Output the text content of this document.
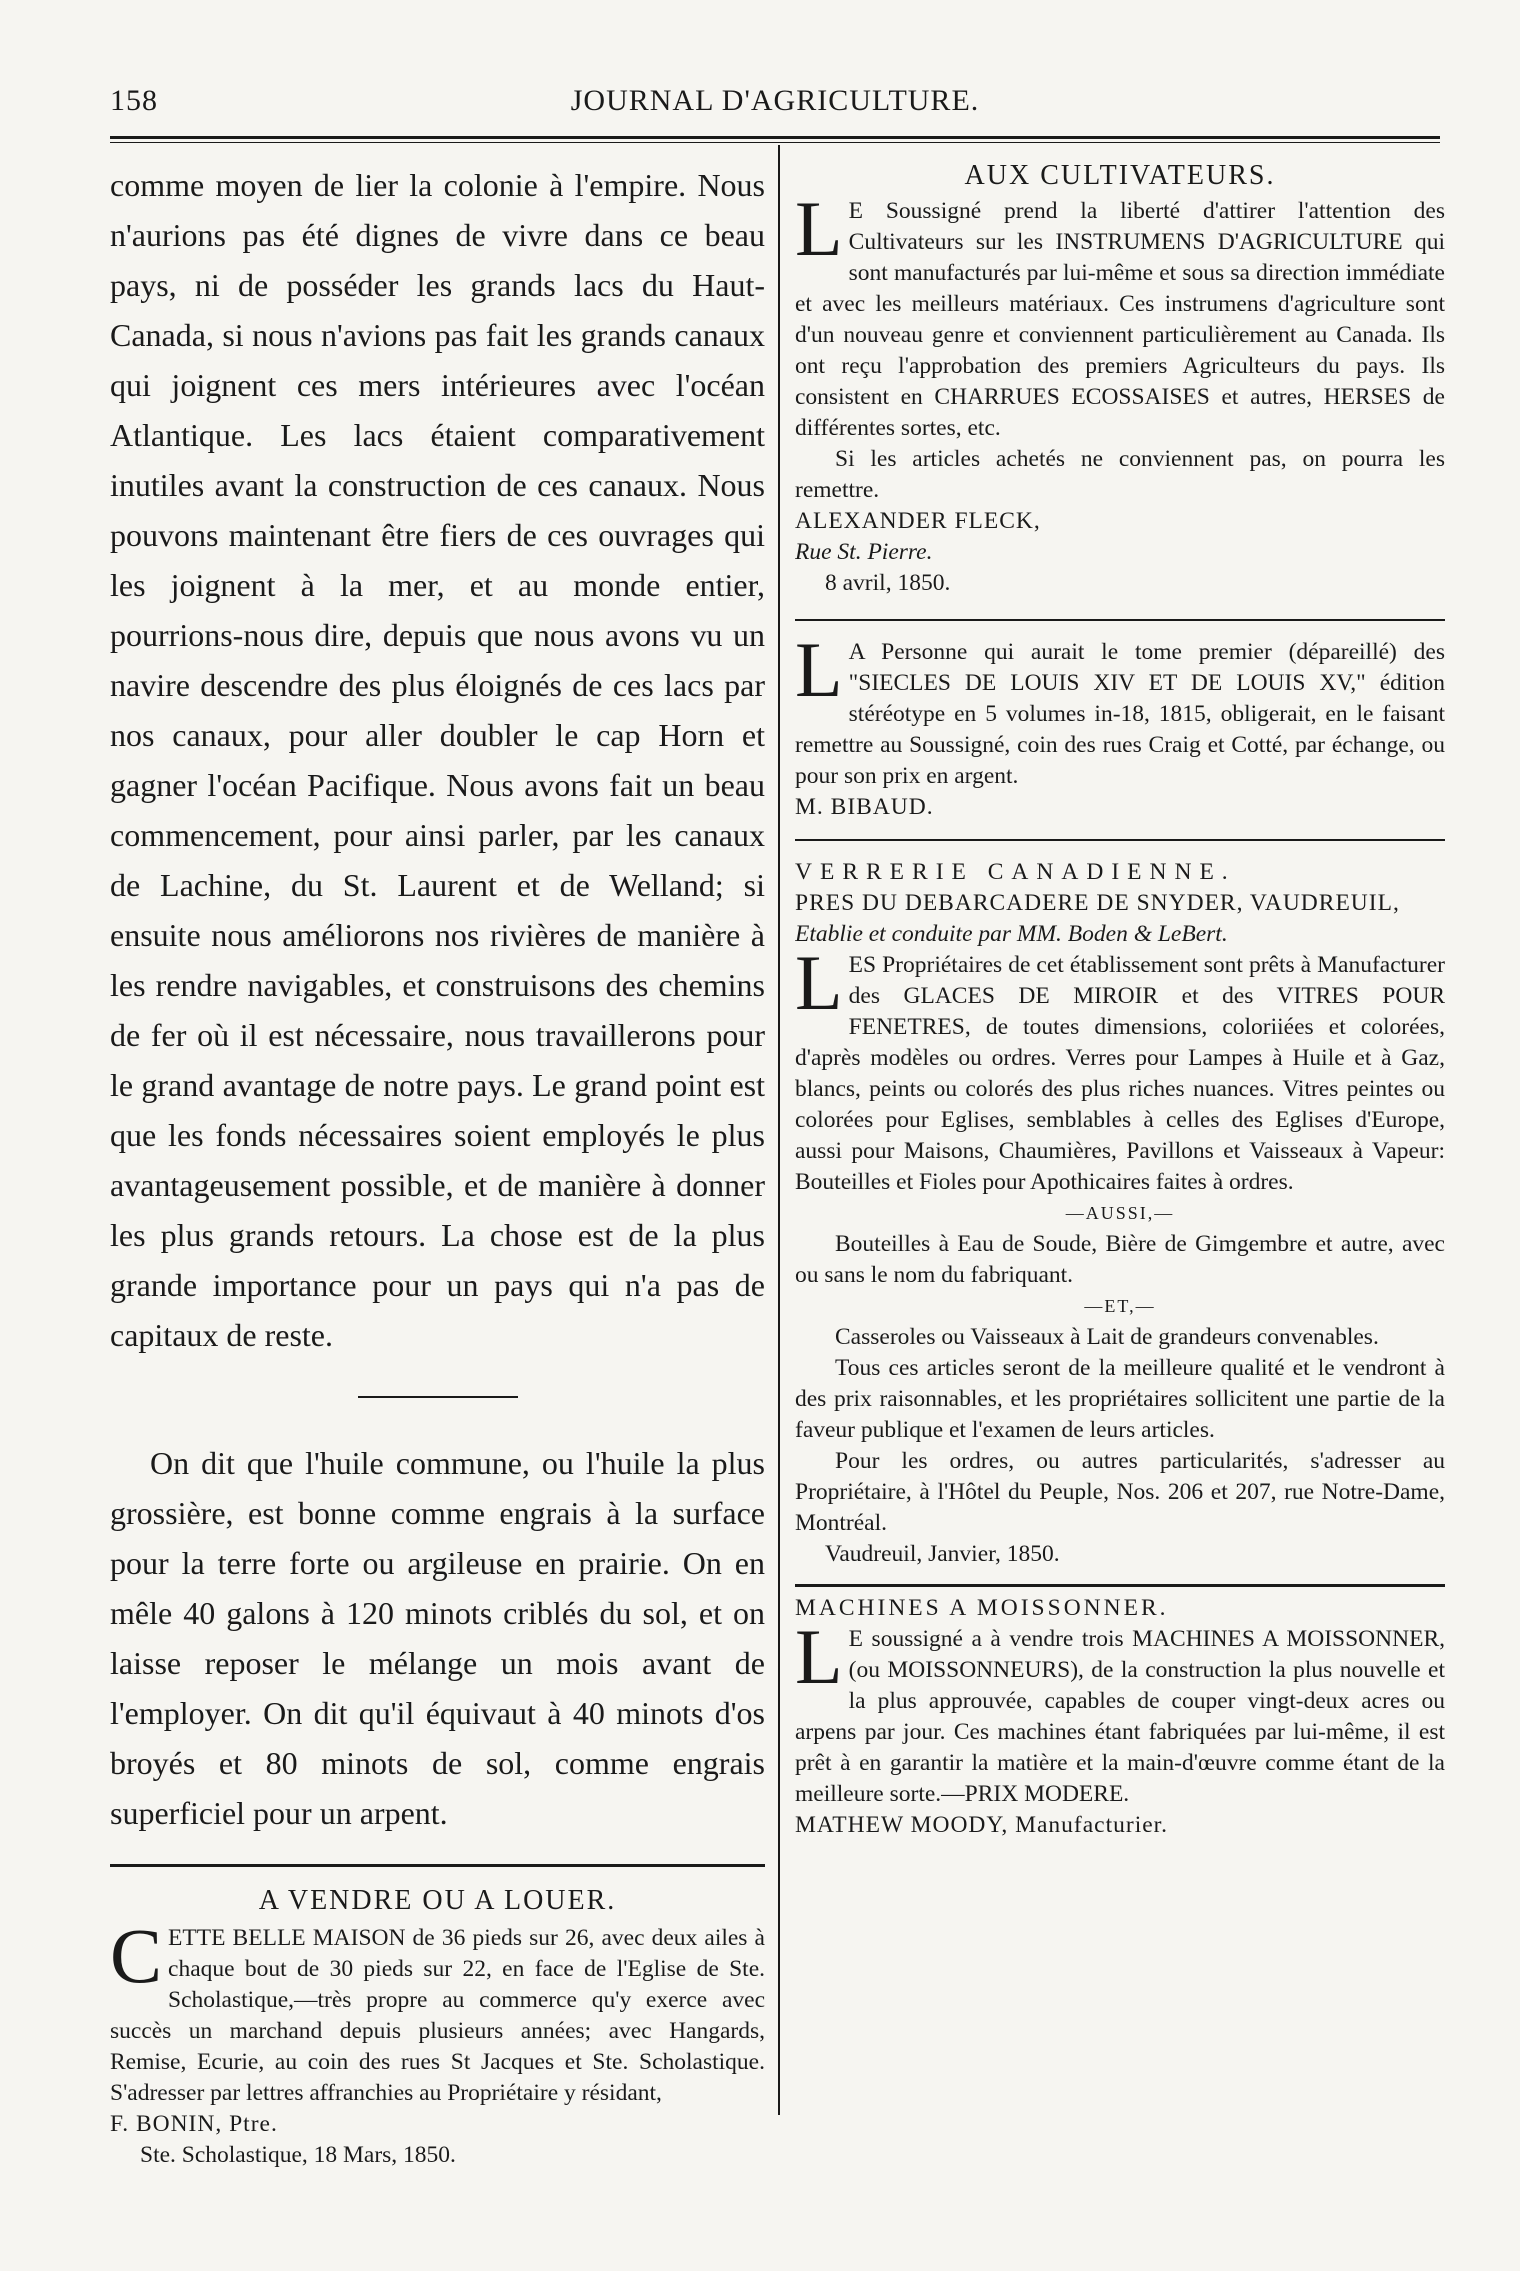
158	JOURNAL D'AGRICULTURE.

comme moyen de lier la colonie à l'empire. Nous n'aurions pas été dignes de vivre dans ce beau pays, ni de posséder les grands lacs du Haut-Canada, si nous n'avions pas fait les grands canaux qui joignent ces mers intérieures avec l'océan Atlantique. Les lacs étaient comparativement inutiles avant la construction de ces canaux. Nous pouvons maintenant être fiers de ces ouvrages qui les joignent à la mer, et au monde entier, pourrions-nous dire, depuis que nous avons vu un navire descendre des plus éloignés de ces lacs par nos canaux, pour aller doubler le cap Horn et gagner l'océan Pacifique. Nous avons fait un beau commencement, pour ainsi parler, par les canaux de Lachine, du St. Laurent et de Welland; si ensuite nous améliorons nos rivières de manière à les rendre navigables, et construisons des chemins de fer où il est nécessaire, nous travaillerons pour le grand avantage de notre pays. Le grand point est que les fonds nécessaires soient employés le plus avantageusement possible, et de manière à donner les plus grands retours. La chose est de la plus grande importance pour un pays qui n'a pas de capitaux de reste.

On dit que l'huile commune, ou l'huile la plus grossière, est bonne comme engrais à la surface pour la terre forte ou argileuse en prairie. On en mêle 40 galons à 120 minots criblés du sol, et on laisse reposer le mélange un mois avant de l'employer. On dit qu'il équivaut à 40 minots d'os broyés et 80 minots de sol, comme engrais superficiel pour un arpent.

A VENDRE OU A LOUER.

CETTE BELLE MAISON de 36 pieds sur 26, avec deux ailes à chaque bout de 30 pieds sur 22, en face de l'Eglise de Ste. Scholastique,—très propre au commerce qu'y exerce avec succès un marchand depuis plusieurs années; avec Hangards, Remise, Ecurie, au coin des rues St Jacques et Ste. Scholastique. S'adresser par lettres affranchies au Propriétaire y résidant,

F. BONIN, Ptre.

Ste. Scholastique, 18 Mars, 1850.

AUX CULTIVATEURS.

L E Soussigné prend la liberté d'attirer l'attention des Cultivateurs sur les INSTRUMENS D'AGRICULTURE qui sont manufacturés par lui-même et sous sa direction immédiate et avec les meilleurs matériaux. Ces instrumens d'agriculture sont d'un nouveau genre et conviennent particulièrement au Canada. Ils ont reçu l'approbation des premiers Agriculteurs du pays. Ils consistent en CHARRUES ECOSSAISES et autres, HERSES de différentes sortes, etc.

Si les articles achetés ne conviennent pas, on pourra les remettre.

ALEXANDER FLECK,

Rue St. Pierre.

8 avril, 1850.

L A Personne qui aurait le tome premier (dépareillé) des "SIECLES DE LOUIS XIV ET DE LOUIS XV," édition stéréotype en 5 volumes in-18, 1815, obligerait, en le faisant remettre au Soussigné, coin des rues Craig et Cotté, par échange, ou pour son prix en argent.

M. BIBAUD.

VERRERIE CANADIENNE.

PRES DU DEBARCADERE DE SNYDER, VAUDREUIL,

Etablie et conduite par MM. Boden & LeBert.

LES Propriétaires de cet établissement sont prêts à Manufacturer des GLACES DE MIROIR et des VITRES POUR FENETRES, de toutes dimensions, coloriiées et colorées, d'après modèles ou ordres. Verres pour Lampes à Huile et à Gaz, blancs, peints ou colorés des plus riches nuances. Vitres peintes ou colorées pour Eglises, semblables à celles des Eglises d'Europe, aussi pour Maisons, Chaumières, Pavillons et Vaisseaux à Vapeur: Bouteilles et Fioles pour Apothicaires faites à ordres.

—AUSSI,—

Bouteilles à Eau de Soude, Bière de Gimgembre et autre, avec ou sans le nom du fabriquant.

—ET,—

Casseroles ou Vaisseaux à Lait de grandeurs convenables.

Tous ces articles seront de la meilleure qualité et le vendront à des prix raisonnables, et les propriétaires sollicitent une partie de la faveur publique et l'examen de leurs articles.

Pour les ordres, ou autres particularités, s'adresser au Propriétaire, à l'Hôtel du Peuple, Nos. 206 et 207, rue Notre-Dame, Montréal.

Vaudreuil, Janvier, 1850.

MACHINES A MOISSONNER.

L E soussigné a à vendre trois MACHINES A MOISSONNER, (ou MOISSONNEURS), de la construction la plus nouvelle et la plus approuvée, capables de couper vingt-deux acres ou arpens par jour. Ces machines étant fabriquées par lui-même, il est prêt à en garantir la matière et la main-d'œuvre comme étant de la meilleure sorte.—PRIX MODERE.

MATHEW MOODY, Manufacturier.
